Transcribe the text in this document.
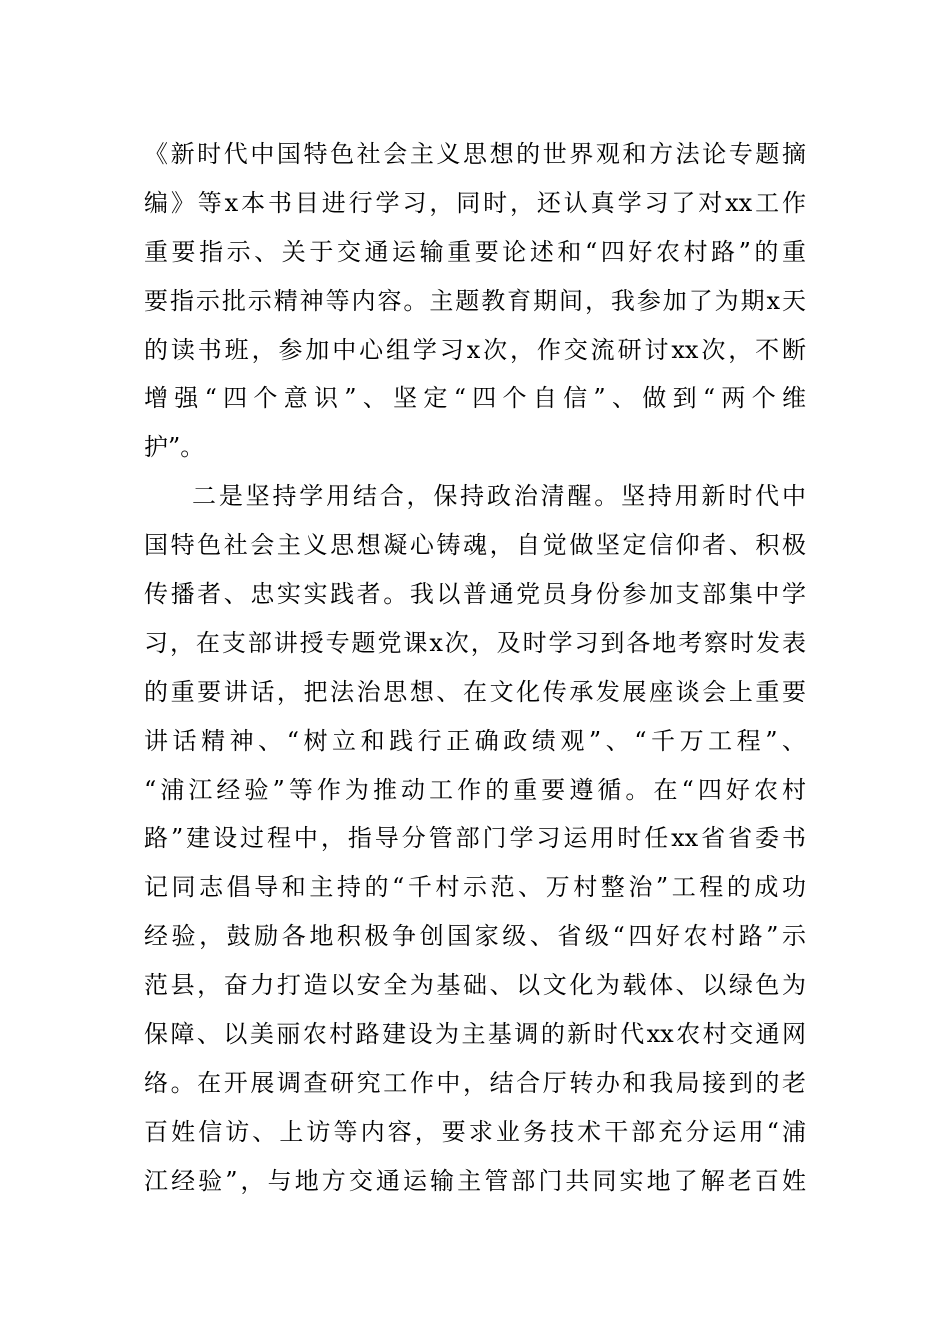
《新时代中国特色社会主义思想的世界观和方法论专题摘
编》等x本书目进行学习，同时，还认真学习了对xx工作
重要指示、关于交通运输重要论述和“四好农村路”的重
要指示批示精神等内容。主题教育期间，我参加了为期x天
的读书班，参加中心组学习x次，作交流研讨xx次，不断
增强“四个意识”、坚定“四个自信”、做到“两个维
护”。
二是坚持学用结合，保持政治清醒。坚持用新时代中
国特色社会主义思想凝心铸魂，自觉做坚定信仰者、积极
传播者、忠实实践者。我以普通党员身份参加支部集中学
习，在支部讲授专题党课x次，及时学习到各地考察时发表
的重要讲话，把法治思想、在文化传承发展座谈会上重要
讲话精神、“树立和践行正确政绩观”、“千万工程”、
“浦江经验”等作为推动工作的重要遵循。在“四好农村
路”建设过程中，指导分管部门学习运用时任xx省省委书
记同志倡导和主持的“千村示范、万村整治”工程的成功
经验，鼓励各地积极争创国家级、省级“四好农村路”示
范县，奋力打造以安全为基础、以文化为载体、以绿色为
保障、以美丽农村路建设为主基调的新时代xx农村交通网
络。在开展调查研究工作中，结合厅转办和我局接到的老
百姓信访、上访等内容，要求业务技术干部充分运用“浦
江经验”，与地方交通运输主管部门共同实地了解老百姓
